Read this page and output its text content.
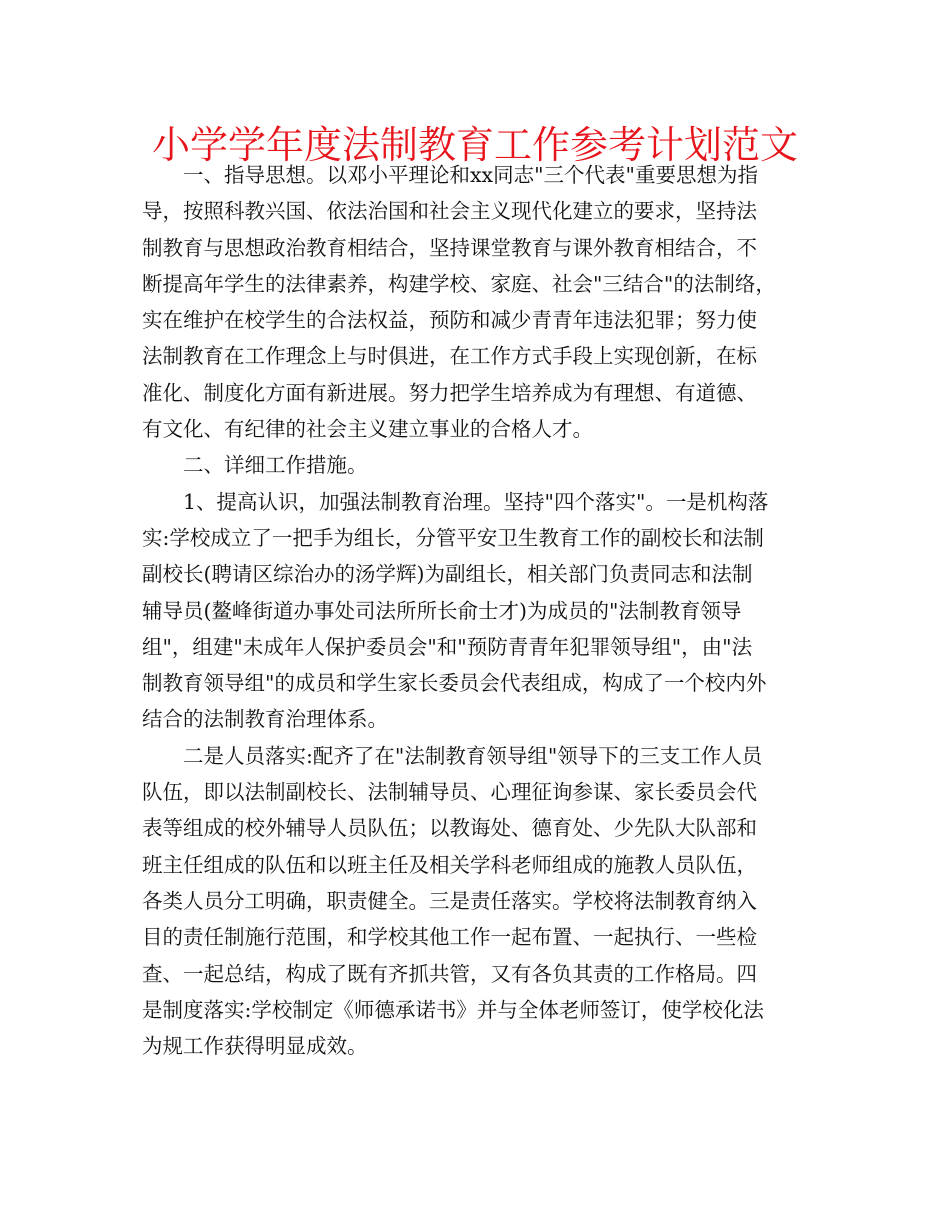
小学学年度法制教育工作参考计划范文
　　一、指导思想。以邓小平理论和xx同志"三个代表"重要思想为指
导，按照科教兴国、依法治国和社会主义现代化建立的要求，坚持法
制教育与思想政治教育相结合，坚持课堂教育与课外教育相结合，不
断提高年学生的法律素养，构建学校、家庭、社会"三结合"的法制络，
实在维护在校学生的合法权益，预防和减少青青年违法犯罪；努力使
法制教育在工作理念上与时俱进，在工作方式手段上实现创新，在标
准化、制度化方面有新进展。努力把学生培养成为有理想、有道德、
有文化、有纪律的社会主义建立事业的合格人才。
　　二、详细工作措施。
　　1、提高认识，加强法制教育治理。坚持"四个落实"。一是机构落
实:学校成立了一把手为组长，分管平安卫生教育工作的副校长和法制
副校长(聘请区综治办的汤学辉)为副组长，相关部门负责同志和法制
辅导员(鳌峰街道办事处司法所所长俞士才)为成员的"法制教育领导
组"，组建"未成年人保护委员会"和"预防青青年犯罪领导组"，由"法
制教育领导组"的成员和学生家长委员会代表组成，构成了一个校内外
结合的法制教育治理体系。
　　二是人员落实:配齐了在"法制教育领导组"领导下的三支工作人员
队伍，即以法制副校长、法制辅导员、心理征询参谋、家长委员会代
表等组成的校外辅导人员队伍；以教诲处、德育处、少先队大队部和
班主任组成的队伍和以班主任及相关学科老师组成的施教人员队伍，
各类人员分工明确，职责健全。三是责任落实。学校将法制教育纳入
目的责任制施行范围，和学校其他工作一起布置、一起执行、一些检
查、一起总结，构成了既有齐抓共管，又有各负其责的工作格局。四
是制度落实:学校制定《师德承诺书》并与全体老师签订，使学校化法
为规工作获得明显成效。
